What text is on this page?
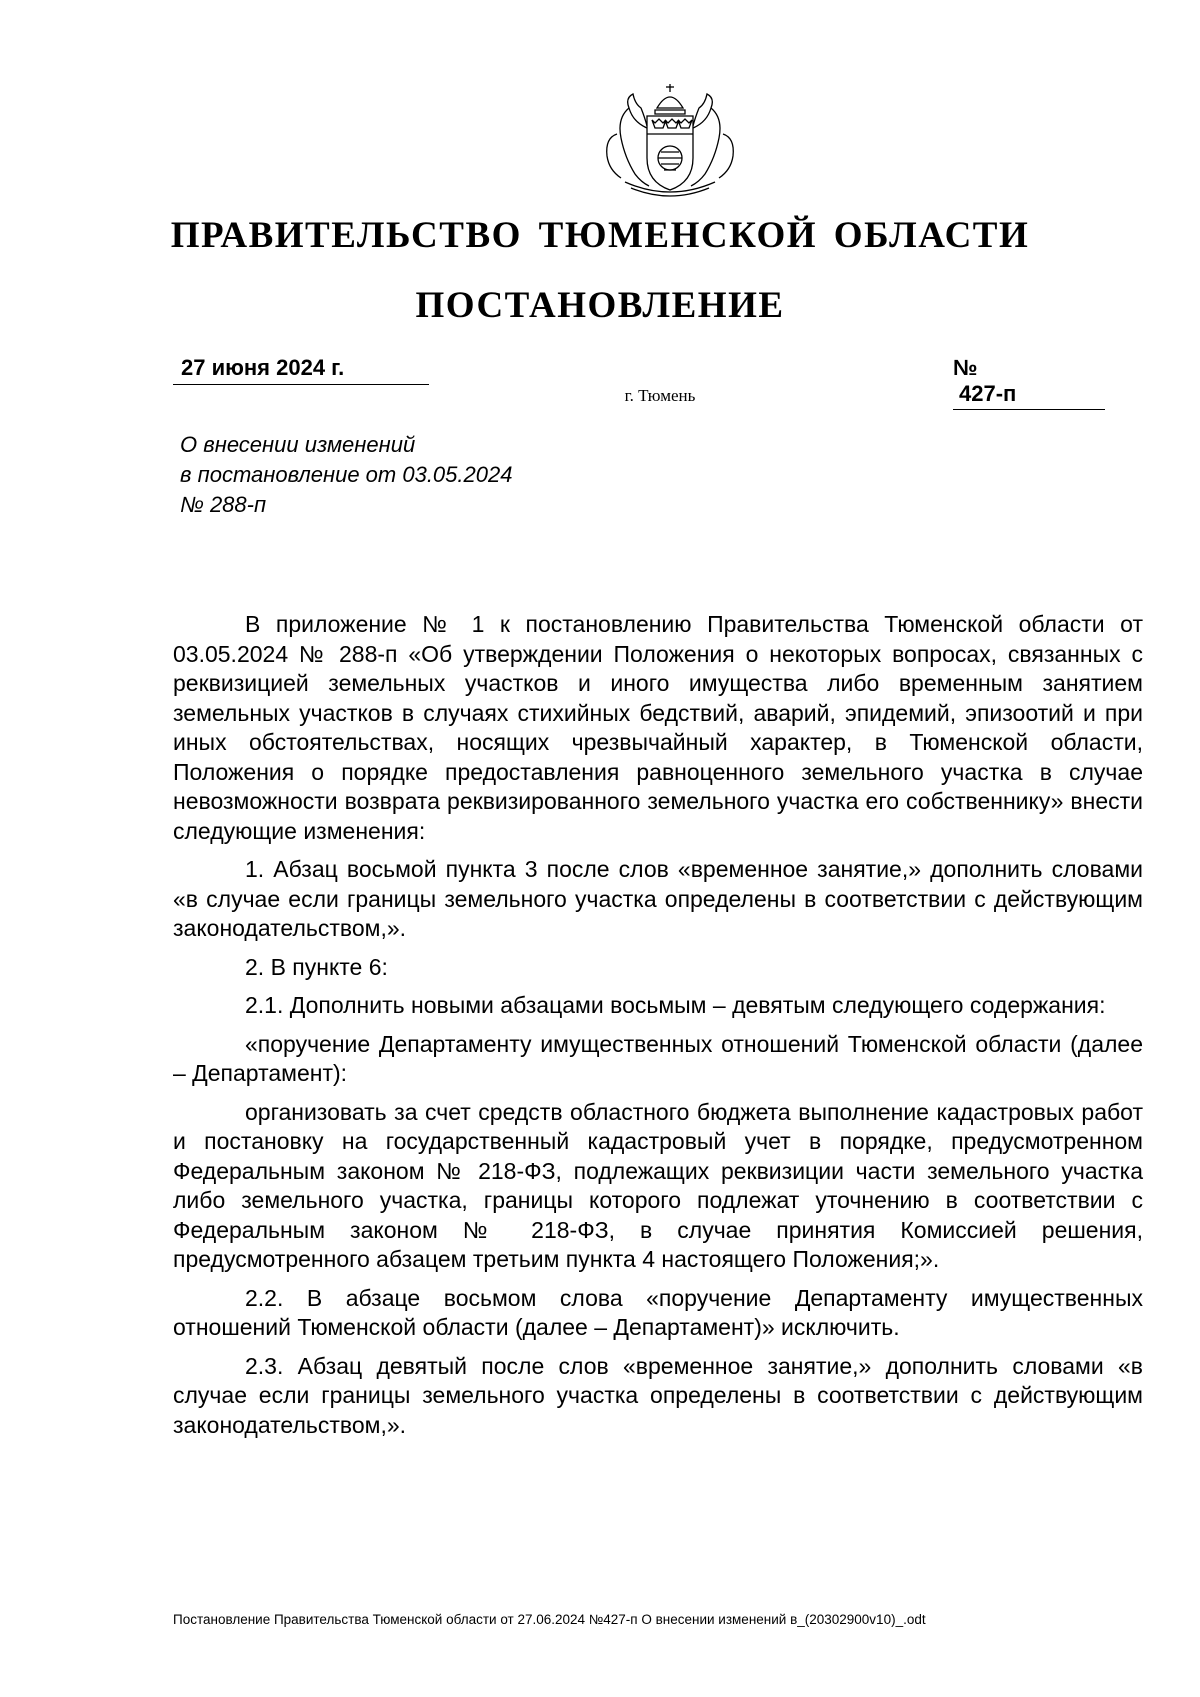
ПРАВИТЕЛЬСТВО ТЮМЕНСКОЙ ОБЛАСТИ
ПОСТАНОВЛЕНИЕ
27 июня 2024 г.	№427-п
г. Тюмень
О внесении изменений
в постановление от 03.05.2024
№ 288-п

В приложение № 1 к постановлению Правительства Тюменской области от 03.05.2024 № 288-п «Об утверждении Положения о некоторых вопросах, связанных с реквизицией земельных участков и иного имущества либо временным занятием земельных участков в случаях стихийных бедствий, аварий, эпидемий, эпизоотий и при иных обстоятельствах, носящих чрезвычайный характер, в Тюменской области, Положения о порядке предоставления равноценного земельного участка в случае невозможности возврата реквизированного земельного участка его собственнику» внести следующие изменения:

1. Абзац восьмой пункта 3 после слов «временное занятие,» дополнить словами «в случае если границы земельного участка определены в соответствии с действующим законодательством,».

2. В пункте 6:

2.1. Дополнить новыми абзацами восьмым – девятым следующего содержания:

«поручение Департаменту имущественных отношений Тюменской области (далее – Департамент):

организовать за счет средств областного бюджета выполнение кадастровых работ и постановку на государственный кадастровый учет в порядке, предусмотренном Федеральным законом № 218-ФЗ, подлежащих реквизиции части земельного участка либо земельного участка, границы которого подлежат уточнению в соответствии с Федеральным законом № 218-ФЗ, в случае принятия Комиссией решения, предусмотренного абзацем третьим пункта 4 настоящего Положения;».

2.2. В абзаце восьмом слова «поручение Департаменту имущественных отношений Тюменской области (далее – Департамент)» исключить.

2.3. Абзац девятый после слов «временное занятие,» дополнить словами «в случае если границы земельного участка определены в соответствии с действующим законодательством,».

Постановление Правительства Тюменской области от 27.06.2024 №427-п О внесении изменений в_(20302900v10)_.odt
